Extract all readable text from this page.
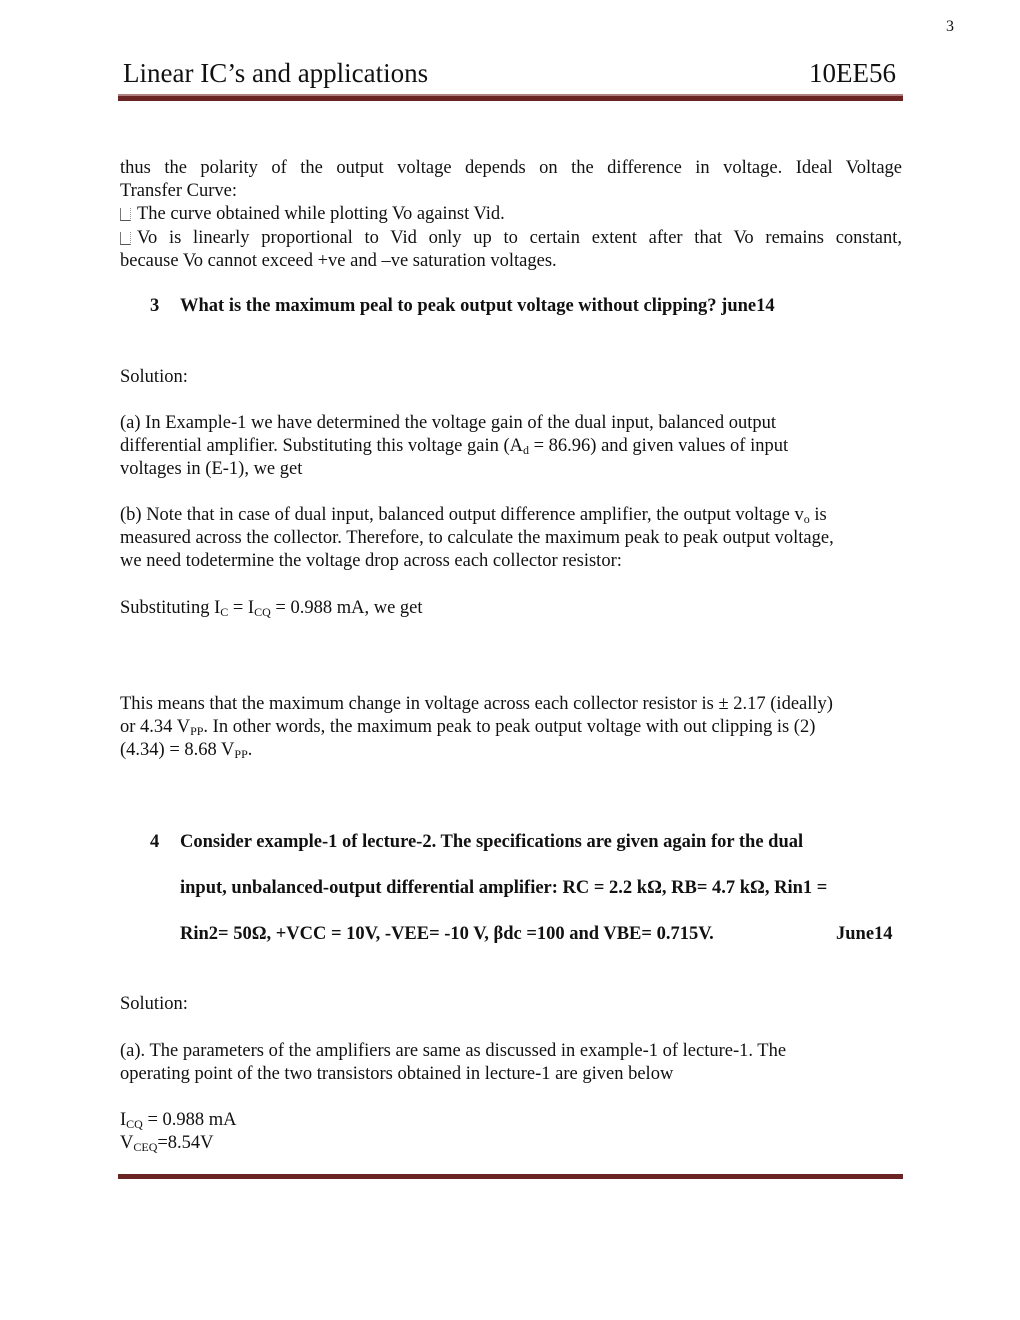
3
Linear IC’s and applications	10EE56
thus the polarity of the output voltage depends on the difference in voltage. Ideal Voltage
Transfer Curve:
The curve obtained while plotting Vo against Vid.
Vo is linearly proportional to Vid only up to certain extent after that Vo remains constant,
because Vo cannot exceed +ve and –ve saturation voltages.
3 What is the maximum peal to peak output voltage without clipping? june14
Solution:
(a) In Example-1 we have determined the voltage gain of the dual input, balanced output
differential amplifier. Substituting this voltage gain $(A_d = 86.96)$ and given values of input
voltages in (E-1), we get
(b) Note that in case of dual input, balanced output difference amplifier, the output voltage $v_o$ is
measured across the collector. Therefore, to calculate the maximum peak to peak output voltage,
we need todetermine the voltage drop across each collector resistor:
Substituting $I_C = I_{CQ} = 0.988$ mA, we get
This means that the maximum change in voltage across each collector resistor is ± 2.17 (ideally)
or 4.34 $V_{PP}$. In other words, the maximum peak to peak output voltage with out clipping is (2)
(4.34) = 8.68 $V_{PP}$.
4 Consider example-1 of lecture-2. The specifications are given again for the dual
input, unbalanced-output differential amplifier: RC = 2.2 kΩ, RB= 4.7 kΩ, Rin1 =
Rin2= 50Ω, +VCC = 10V, -VEE= -10 V, βdc =100 and VBE= 0.715V.	June14
Solution:
(a). The parameters of the amplifiers are same as discussed in example-1 of lecture-1. The
operating point of the two transistors obtained in lecture-1 are given below
$I_{CQ} = 0.988$ mA
$V_{CEQ}=8.54V$
